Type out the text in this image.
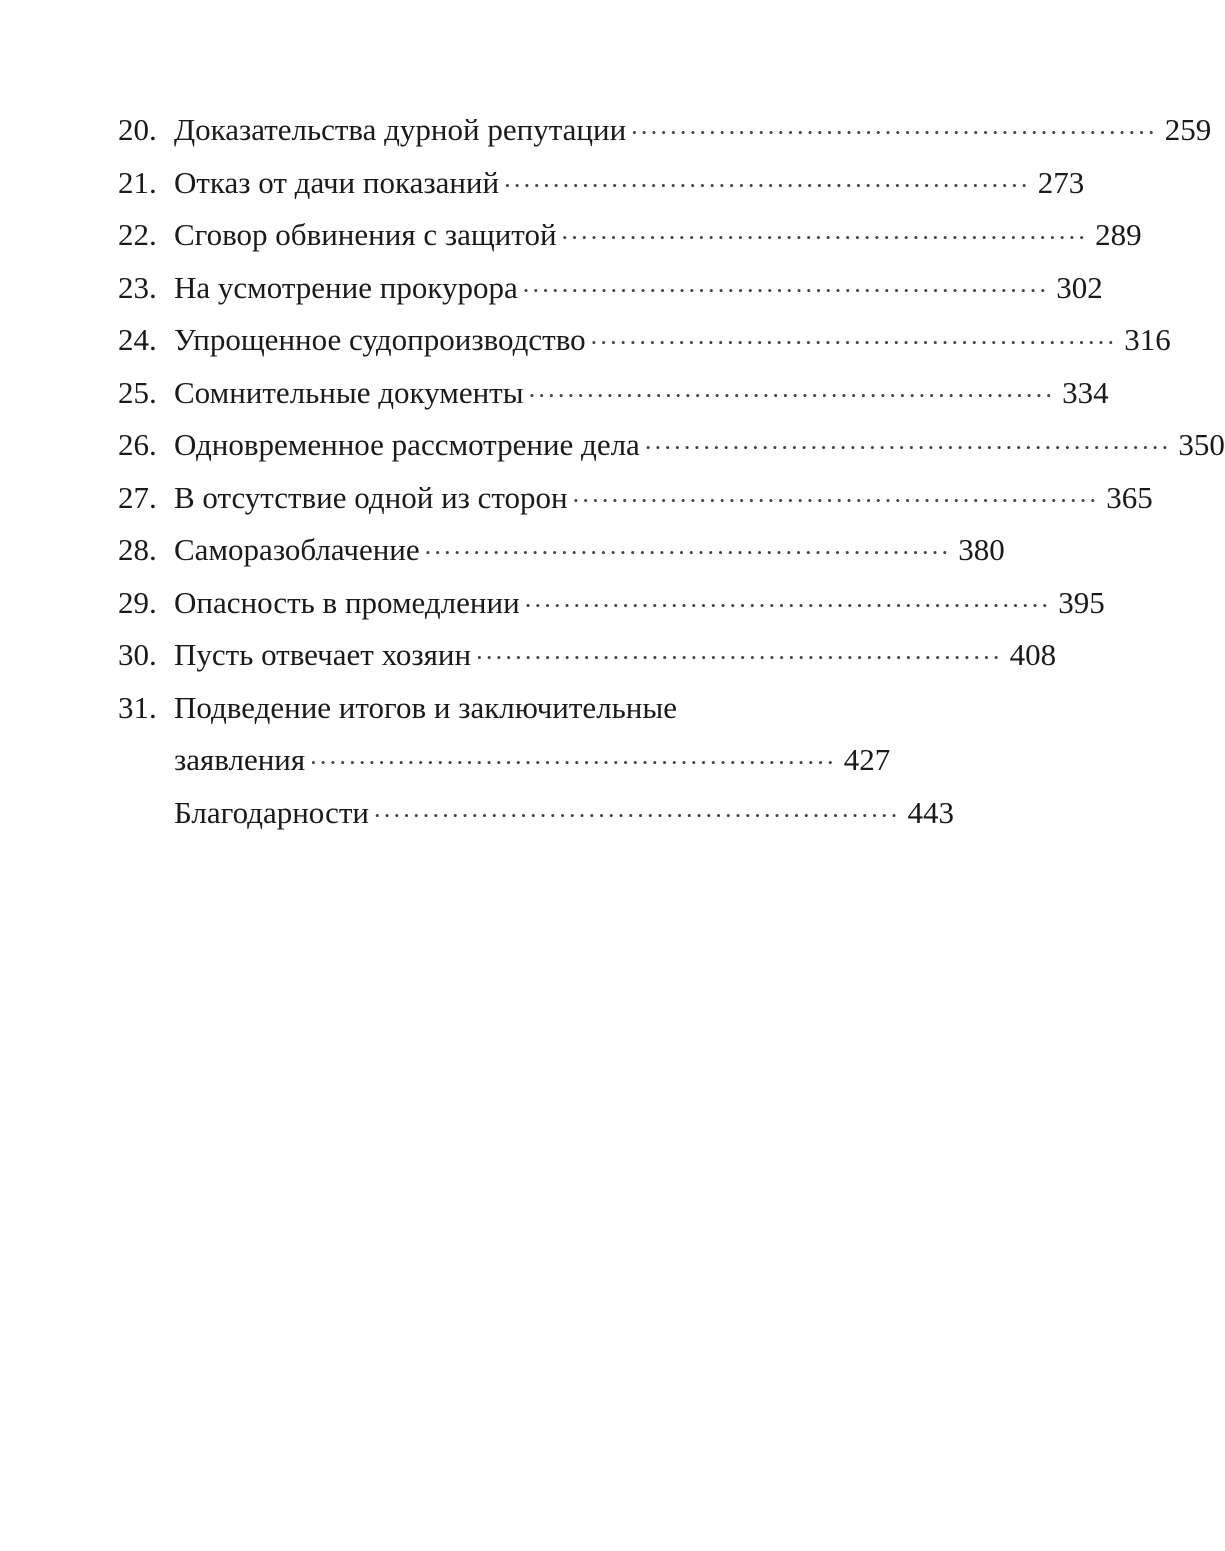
20. Доказательства дурной репутации •••••••••••••••••••••••••••••••••••••••••••••••••••••• 259
21. Отказ от дачи показаний •••••••••••••••••••••••••••••••••••••••••••••••••••••• 273
22. Сговор обвинения с защитой •••••••••••••••••••••••••••••••••••••••••••••••••••••• 289
23. На усмотрение прокурора •••••••••••••••••••••••••••••••••••••••••••••••••••••• 302
24. Упрощенное судопроизводство •••••••••••••••••••••••••••••••••••••••••••••••••••••• 316
25. Сомнительные документы •••••••••••••••••••••••••••••••••••••••••••••••••••••• 334
26. Одновременное рассмотрение дела •••••••••••••••••••••••••••••••••••••••••••••••••••••• 350
27. В отсутствие одной из сторон •••••••••••••••••••••••••••••••••••••••••••••••••••••• 365
28. Саморазоблачение •••••••••••••••••••••••••••••••••••••••••••••••••••••• 380
29. Опасность в промедлении •••••••••••••••••••••••••••••••••••••••••••••••••••••• 395
30. Пусть отвечает хозяин •••••••••••••••••••••••••••••••••••••••••••••••••••••• 408
31. Подведение итогов и заключительные
заявления •••••••••••••••••••••••••••••••••••••••••••••••••••••• 427
Благодарности •••••••••••••••••••••••••••••••••••••••••••••••••••••• 443
